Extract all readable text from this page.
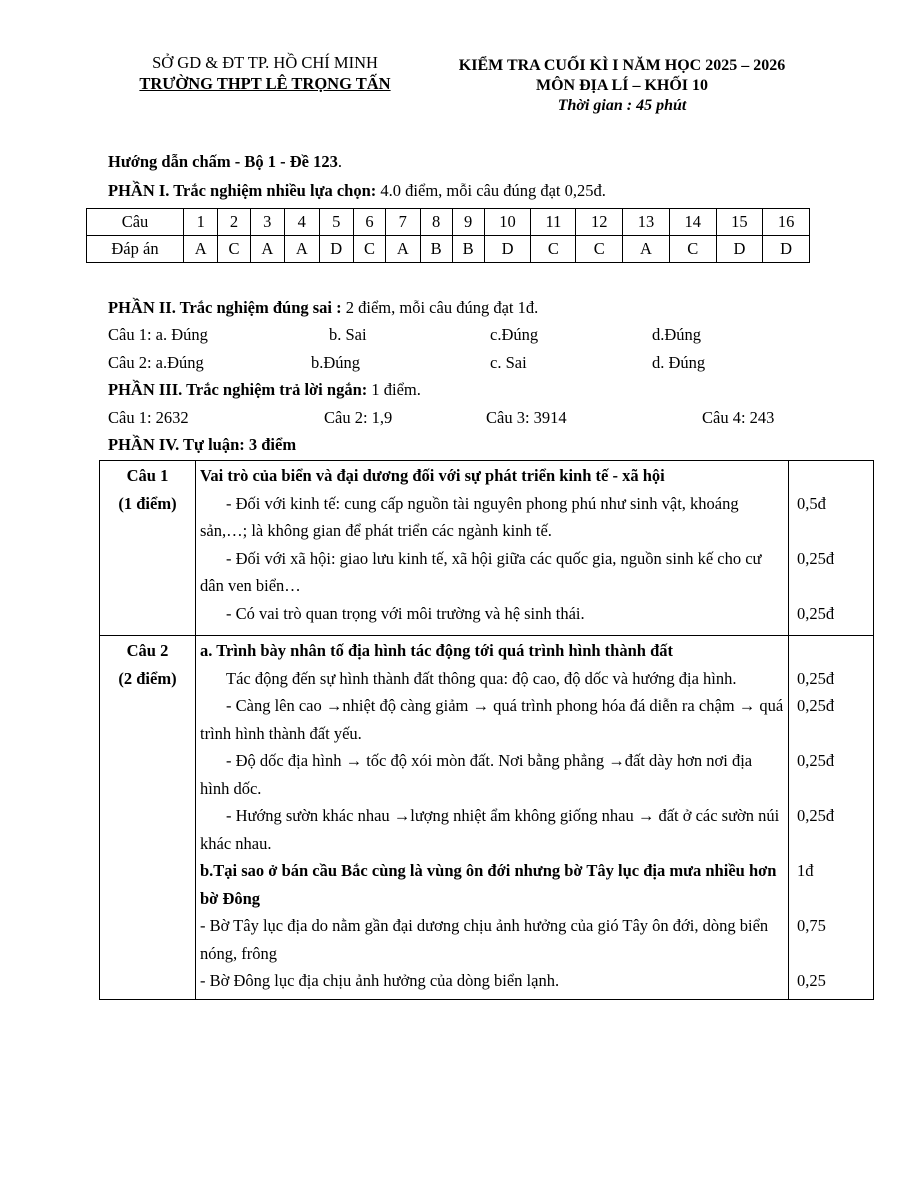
SỞ GD & ĐT TP. HỒ CHÍ MINH
TRƯỜNG THPT LÊ TRỌNG TẤN
KIỂM TRA CUỐI KÌ I NĂM HỌC 2025 – 2026
MÔN ĐỊA LÍ – KHỐI 10
Thời gian : 45 phút
Hướng dẫn chấm - Bộ 1 - Đề 123.
PHẦN I. Trắc nghiệm nhiều lựa chọn: 4.0 điểm, mỗi câu đúng đạt 0,25đ.
Câu	1	2	3	4	5	6	7	8	9	10	11	12	13	14	15	16
Đáp án	A	C	A	A	D	C	A	B	B	D	C	C	A	C	D	D
PHẦN II. Trắc nghiệm đúng sai : 2 điểm, mỗi câu đúng đạt 1đ.
Câu 1: a. Đúng	b. Sai	c.Đúng	d.Đúng
Câu 2: a.Đúng	b.Đúng	c. Sai	d. Đúng
PHẦN III. Trắc nghiệm trả lời ngắn: 1 điểm.
Câu 1: 2632	Câu 2: 1,9	Câu 3: 3914	Câu 4: 243
PHẦN IV. Tự luận: 3 điểm
Câu 1
(1 điểm)

Vai trò của biển và đại dương đối với sự phát triển kinh tế - xã hội	
- Đối với kinh tế: cung cấp nguồn tài nguyên phong phú như sinh vật, khoáng sản,…; là không gian để phát triển các ngành kinh tế.	0,5đ
- Đối với xã hội: giao lưu kinh tế, xã hội giữa các quốc gia, nguồn sinh kế cho cư dân ven biển…	0,25đ
- Có vai trò quan trọng với môi trường và hệ sinh thái.	0,25đ

Câu 2
(2 điểm)

a. Trình bày nhân tố địa hình tác động tới quá trình hình thành đất	
Tác động đến sự hình thành đất thông qua: độ cao, độ dốc và hướng địa hình.	0,25đ
- Càng lên cao →nhiệt độ càng giảm → quá trình phong hóa đá diễn ra chậm → quá trình hình thành đất yếu.	0,25đ
- Độ dốc địa hình → tốc độ xói mòn đất. Nơi bằng phẳng →đất dày hơn nơi địa hình dốc.	0,25đ
- Hướng sườn khác nhau →lượng nhiệt ẩm không giống nhau → đất ở các sườn núi khác nhau.	0,25đ
b.Tại sao ở bán cầu Bắc cùng là vùng ôn đới nhưng bờ Tây lục địa mưa nhiều hơn bờ Đông	1đ
- Bờ Tây lục địa do nằm gần đại dương chịu ảnh hưởng của gió Tây ôn đới, dòng biển nóng, frông	0,75
- Bờ Đông lục địa chịu ảnh hưởng của dòng biển lạnh.	0,25
